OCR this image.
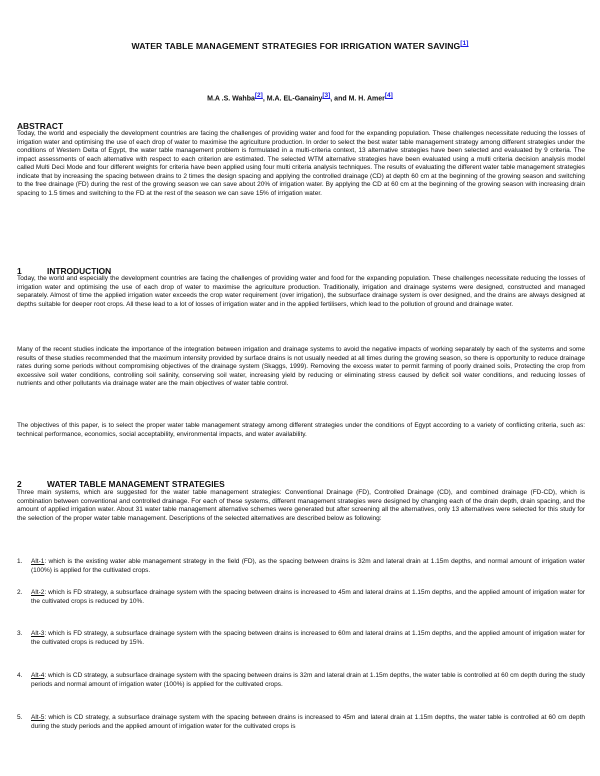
WATER TABLE MANAGEMENT STRATEGIES FOR IRRIGATION WATER SAVING[1]
M.A .S. Wahba[2], M.A. EL-Ganainy[3], and M. H. Amer[4]
ABSTRACT

Today, the world and especially the development countries are facing the challenges of providing water and food for the expanding population. These challenges necessitate reducing the losses of irrigation water and optimising the use of each drop of water to maximise the agriculture production. In order to select the best water table management strategy among different strategies under the conditions of Western Delta of Egypt, the water table management problem is formulated in a multi-criteria context, 13 alternative strategies have been selected and evaluated by 9 criteria. The impact assessments of each alternative with respect to each criterion are estimated. The selected WTM alternative strategies have been evaluated using a multi criteria decision analysis model called Multi Deci Mode and four different weights for criteria have been applied using four multi criteria analysis techniques. The results of evaluating the different water table management strategies indicate that by increasing the spacing between drains to 2 times the design spacing and applying the controlled drainage (CD) at depth 60 cm at the beginning of the growing season and switching to the free drainage (FD) during the rest of the growing season we can save about 20% of irrigation water. By applying the CD at 60 cm at the beginning of the growing season with increasing drain spacing to 1.5 times and switching to the FD at the rest of the season we can save 15% of irrigation water.

1	INTRODUCTION

Today, the world and especially the development countries are facing the challenges of providing water and food for the expanding population. These challenges necessitate reducing the losses of irrigation water and optimising the use of each drop of water to maximise the agriculture production. Traditionally, irrigation and drainage systems were designed, constructed and managed separately. Almost of time the applied irrigation water exceeds the crop water requirement (over irrigation), the subsurface drainage system is over designed, and the drains are always designed at depths suitable for deeper root crops. All these lead to a lot of losses of irrigation water and in the applied fertilisers, which lead to the pollution of ground and drainage water.

Many of the recent studies indicate the importance of the integration between irrigation and drainage systems to avoid the negative impacts of working separately by each of the systems and some results of these studies recommended that the maximum intensity provided by surface drains is not usually needed at all times during the growing season, so there is opportunity to reduce drainage rates during some periods without compromising objectives of the drainage system (Skaggs, 1999). Removing the excess water to permit farming of poorly drained soils, Protecting the crop from excessive soil water conditions, controlling soil salinity, conserving soil water, increasing yield by reducing or eliminating stress caused by deficit soil water conditions, and reducing losses of nutrients and other pollutants via drainage water are the main objectives of water table control.

The objectives of this paper, is to select the proper water table management strategy among different strategies under the conditions of Egypt according to a variety of conflicting criteria, such as: technical performance, economics, social acceptability, environmental impacts, and water availability.

2	WATER TABLE MANAGEMENT STRATEGIES

Three main systems, which are suggested for the water table management strategies: Conventional Drainage (FD), Controlled Drainage (CD), and combined drainage (FD-CD), which is combination between conventional and controlled drainage. For each of these systems, different management strategies were designed by changing each of the drain depth, drain spacing, and the amount of applied irrigation water. About 31 water table management alternative schemes were generated but after screening all the alternatives, only 13 alternatives were selected for this study for the selection of the proper water table management. Descriptions of the selected alternatives are described below as following:

1. Alt-1: which is the existing water able management strategy in the field (FD), as the spacing between drains is 32m and lateral drain at 1.15m depths, and normal amount of irrigation water (100%) is applied for the cultivated crops.
2. Alt-2: which is FD strategy, a subsurface drainage system with the spacing between drains is increased to 45m and lateral drains at 1.15m depths, and the applied amount of irrigation water for the cultivated crops is reduced by 10%.
3. Alt-3: which is FD strategy, a subsurface drainage system with the spacing between drains is increased to 60m and lateral drains at 1.15m depths, and the applied amount of irrigation water for the cultivated crops is reduced by 15%.
4. Alt-4: which is CD strategy, a subsurface drainage system with the spacing between drains is 32m and lateral drain at 1.15m depths, the water table is controlled at 60 cm depth during the study periods and normal amount of irrigation water (100%) is applied for the cultivated crops.
5. Alt-5: which is CD strategy, a subsurface drainage system with the spacing between drains is increased to 45m and lateral drain at 1.15m depths, the water table is controlled at 60 cm depth during the study periods and the applied amount of irrigation water for the cultivated crops is
